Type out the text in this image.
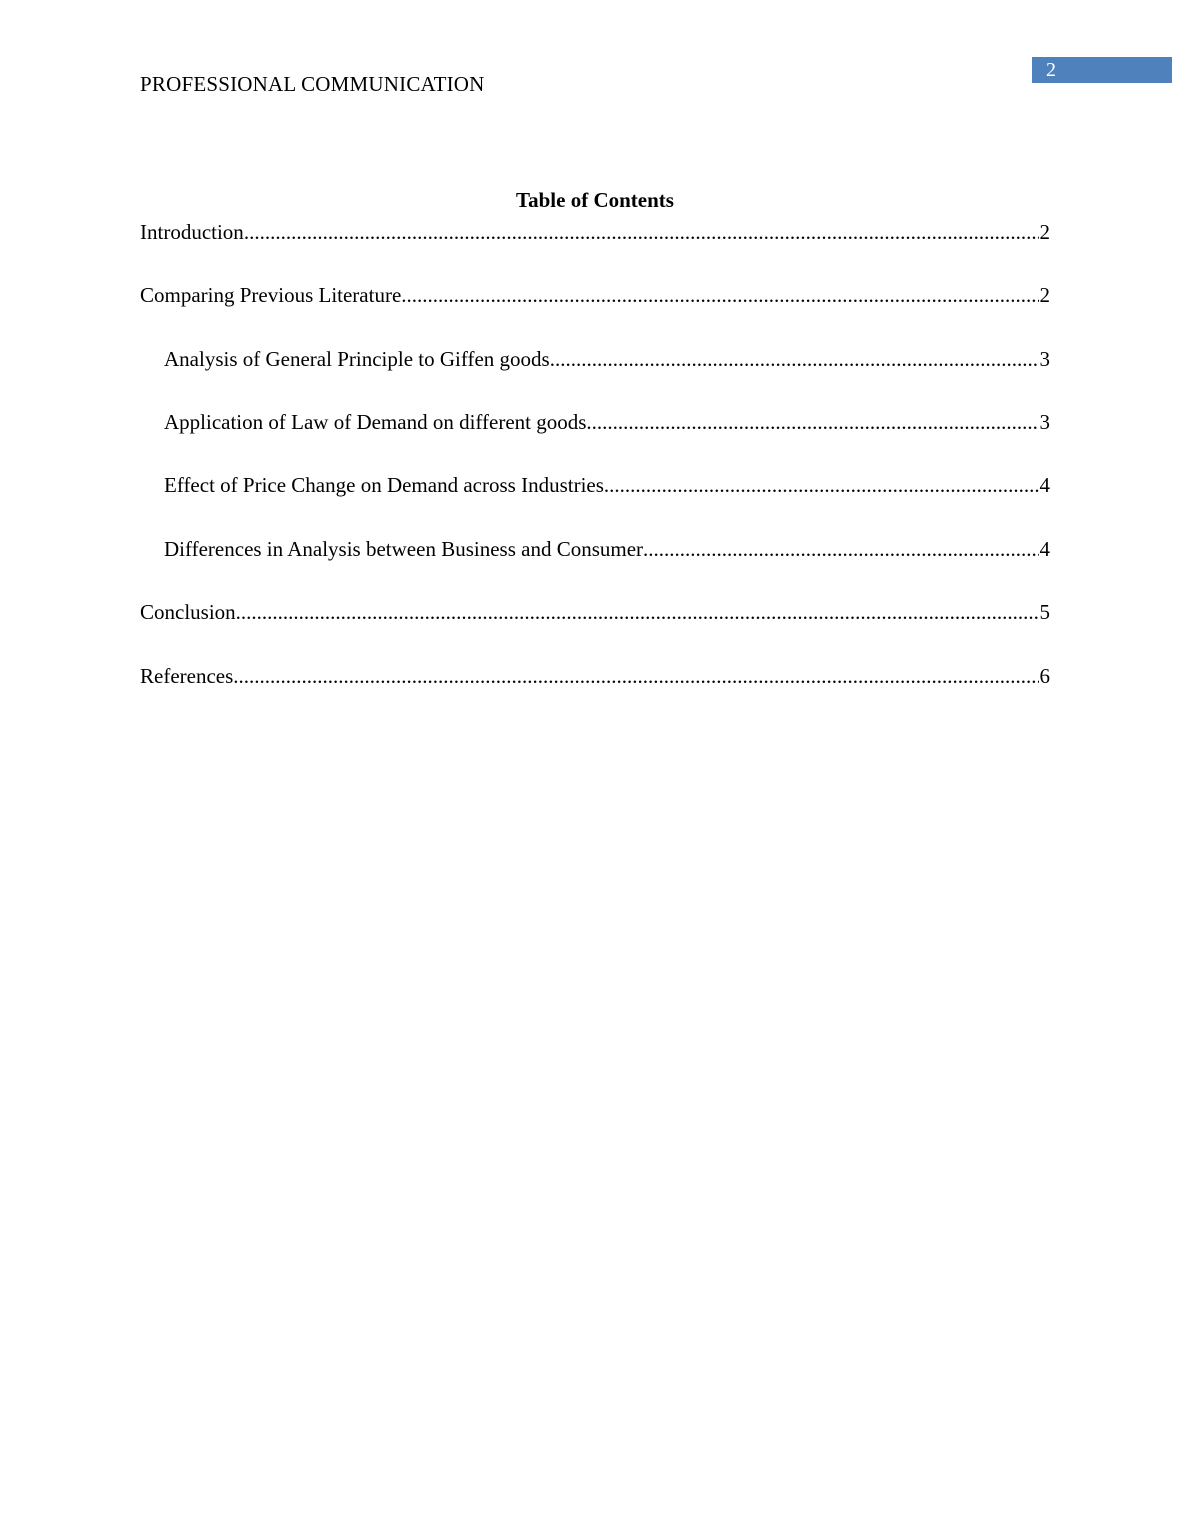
PROFESSIONAL COMMUNICATION
2
Table of Contents
Introduction .....	2
Comparing Previous Literature .....	2
Analysis of General Principle to Giffen goods .....	3
Application of Law of Demand on different goods .....	3
Effect of Price Change on Demand across Industries .....	4
Differences in Analysis between Business and Consumer .....	4
Conclusion .....	5
References .....	6
